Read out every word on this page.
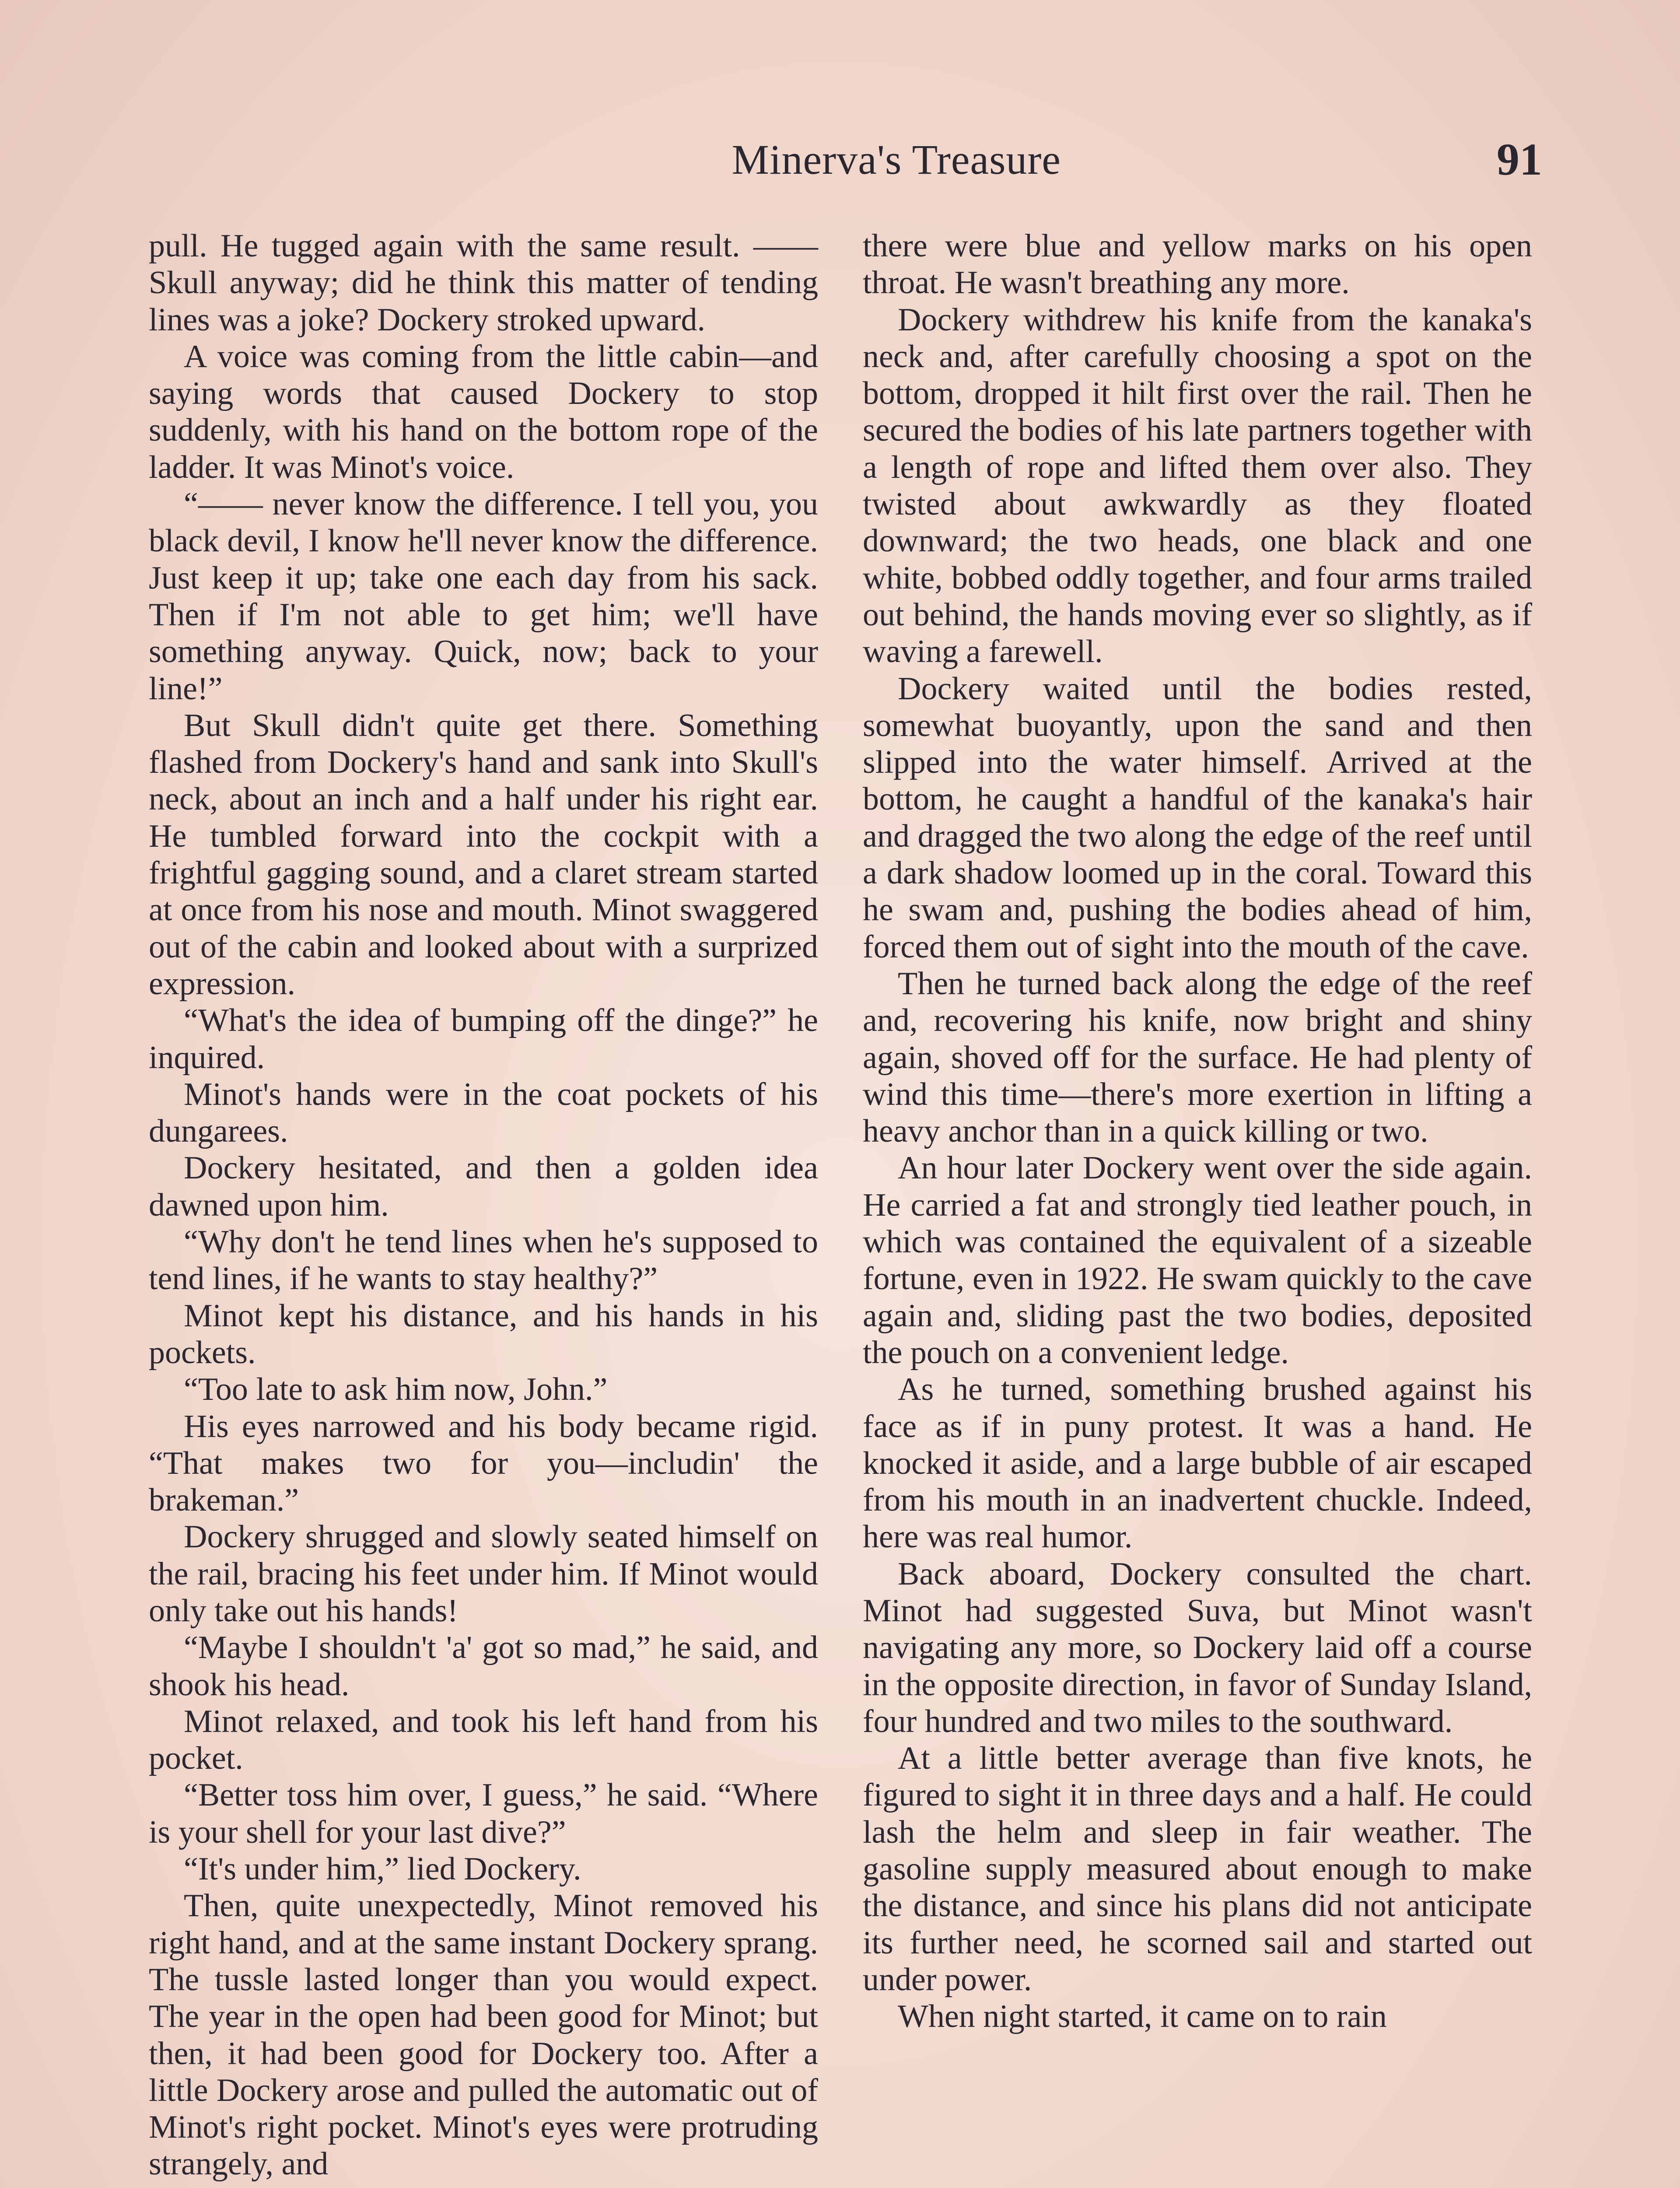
Minerva's Treasure	91

pull. He tugged again with the same result. —— Skull anyway; did he think this matter of tending lines was a joke? Dockery stroked upward.

A voice was coming from the little cabin—and saying words that caused Dockery to stop suddenly, with his hand on the bottom rope of the ladder. It was Minot's voice.

“—— never know the difference. I tell you, you black devil, I know he'll never know the difference. Just keep it up; take one each day from his sack. Then if I'm not able to get him; we'll have something anyway. Quick, now; back to your line!”

But Skull didn't quite get there. Something flashed from Dockery's hand and sank into Skull's neck, about an inch and a half under his right ear. He tumbled forward into the cockpit with a frightful gagging sound, and a claret stream started at once from his nose and mouth. Minot swaggered out of the cabin and looked about with a surprized expression.

“What's the idea of bumping off the dinge?” he inquired.

Minot's hands were in the coat pockets of his dungarees.

Dockery hesitated, and then a golden idea dawned upon him.

“Why don't he tend lines when he's supposed to tend lines, if he wants to stay healthy?”

Minot kept his distance, and his hands in his pockets.

“Too late to ask him now, John.”

His eyes narrowed and his body became rigid. “That makes two for you—includin' the brakeman.”

Dockery shrugged and slowly seated himself on the rail, bracing his feet under him. If Minot would only take out his hands!

“Maybe I shouldn't 'a' got so mad,” he said, and shook his head.

Minot relaxed, and took his left hand from his pocket.

“Better toss him over, I guess,” he said. “Where is your shell for your last dive?”

“It's under him,” lied Dockery.

Then, quite unexpectedly, Minot removed his right hand, and at the same instant Dockery sprang. The tussle lasted longer than you would expect. The year in the open had been good for Minot; but then, it had been good for Dockery too. After a little Dockery arose and pulled the automatic out of Minot's right pocket. Minot's eyes were protruding strangely, and

there were blue and yellow marks on his open throat. He wasn't breathing any more.

Dockery withdrew his knife from the kanaka's neck and, after carefully choosing a spot on the bottom, dropped it hilt first over the rail. Then he secured the bodies of his late partners together with a length of rope and lifted them over also. They twisted about awkwardly as they floated downward; the two heads, one black and one white, bobbed oddly together, and four arms trailed out behind, the hands moving ever so slightly, as if waving a farewell.

Dockery waited until the bodies rested, somewhat buoyantly, upon the sand and then slipped into the water himself. Arrived at the bottom, he caught a handful of the kanaka's hair and dragged the two along the edge of the reef until a dark shadow loomed up in the coral. Toward this he swam and, pushing the bodies ahead of him, forced them out of sight into the mouth of the cave.

Then he turned back along the edge of the reef and, recovering his knife, now bright and shiny again, shoved off for the surface. He had plenty of wind this time—there's more exertion in lifting a heavy anchor than in a quick killing or two.

An hour later Dockery went over the side again. He carried a fat and strongly tied leather pouch, in which was contained the equivalent of a sizeable fortune, even in 1922. He swam quickly to the cave again and, sliding past the two bodies, deposited the pouch on a convenient ledge.

As he turned, something brushed against his face as if in puny protest. It was a hand. He knocked it aside, and a large bubble of air escaped from his mouth in an inadvertent chuckle. Indeed, here was real humor.

Back aboard, Dockery consulted the chart. Minot had suggested Suva, but Minot wasn't navigating any more, so Dockery laid off a course in the opposite direction, in favor of Sunday Island, four hundred and two miles to the southward.

At a little better average than five knots, he figured to sight it in three days and a half. He could lash the helm and sleep in fair weather. The gasoline supply measured about enough to make the distance, and since his plans did not anticipate its further need, he scorned sail and started out under power.

When night started, it came on to rain
